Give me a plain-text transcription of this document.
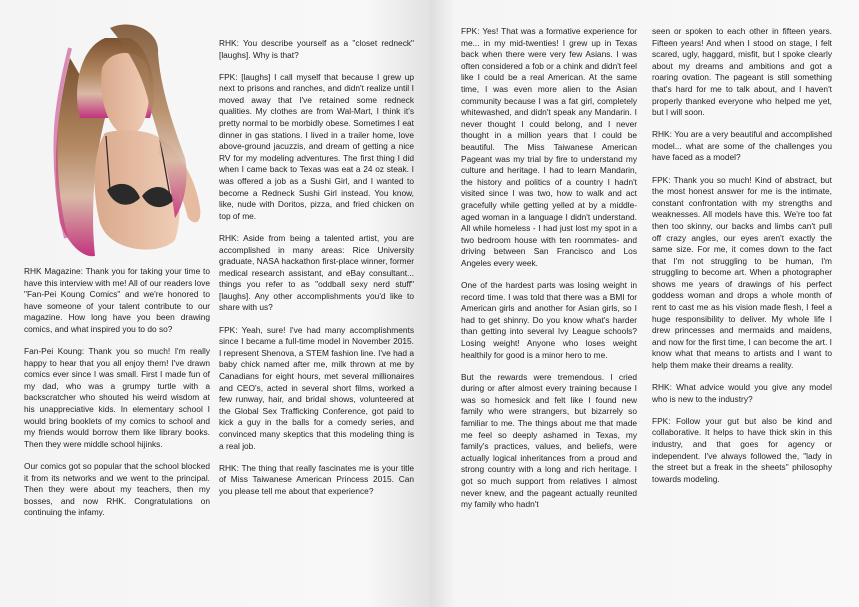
RHK Magazine: Thank you for taking your time to have this interview with me! All of our readers love "Fan-Pei Koung Comics" and we're honored to have someone of your talent contribute to our magazine. How long have you been drawing comics, and what inspired you to do so?

Fan-Pei Koung: Thank you so much! I'm really happy to hear that you all enjoy them! I've drawn comics ever since I was small. First I made fun of my dad, who was a grumpy turtle with a backscratcher who shouted his weird wisdom at his unappreciative kids. In elementary school I would bring booklets of my comics to school and my friends would borrow them like library books. Then they were middle school hijinks.

Our comics got so popular that the school blocked it from its networks and we went to the principal. Then they were about my teachers, then my bosses, and now RHK. Congratulations on continuing the infamy.

RHK: You describe yourself as a "closet redneck" [laughs]. Why is that?

FPK: [laughs] I call myself that because I grew up next to prisons and ranches, and didn't realize until I moved away that I've retained some redneck qualities. My clothes are from Wal-Mart, I think it's pretty normal to be morbidly obese. Sometimes I eat dinner in gas stations. I lived in a trailer home, love above-ground jacuzzis, and dream of getting a nice RV for my modeling adventures. The first thing I did when I came back to Texas was eat a 24 oz steak. I was offered a job as a Sushi Girl, and I wanted to become a Redneck Sushi Girl instead. You know, like, nude with Doritos, pizza, and fried chicken on top of me.

RHK: Aside from being a talented artist, you are accomplished in many areas: Rice University graduate, NASA hackathon first-place winner, former medical research assistant, and eBay consultant... things you refer to as "oddball sexy nerd stuff" [laughs]. Any other accomplishments you'd like to share with us?

FPK: Yeah, sure! I've had many accomplishments since I became a full-time model in November 2015. I represent Shenova, a STEM fashion line. I've had a baby chick named after me, milk thrown at me by Canadians for eight hours, met several millionaires and CEO's, acted in several short films, worked a few runway, hair, and bridal shows, volunteered at the Global Sex Trafficking Conference, got paid to kick a guy in the balls for a comedy series, and convinced many skeptics that this modeling thing is a real job.

RHK: The thing that really fascinates me is your title of Miss Taiwanese American Princess 2015. Can you please tell me about that experience?

FPK: Yes! That was a formative experience for me... in my mid-twenties! I grew up in Texas back when there were very few Asians. I was often considered a fob or a chink and didn't feel like I could be a real American. At the same time, I was even more alien to the Asian community because I was a fat girl, completely whitewashed, and didn't speak any Mandarin. I never thought I could belong, and I never thought in a million years that I could be beautiful. The Miss Taiwanese American Pageant was my trial by fire to understand my culture and heritage. I had to learn Mandarin, the history and politics of a country I hadn't visited since I was two, how to walk and act gracefully while getting yelled at by a middle-aged woman in a language I didn't understand. All while homeless - I had just lost my spot in a two bedroom house with ten roommates- and driving between San Francisco and Los Angeles every week.

One of the hardest parts was losing weight in record time. I was told that there was a BMI for American girls and another for Asian girls, so I had to get shinny. Do you know what's harder than getting into several Ivy League schools? Losing weight! Anyone who loses weight healthily for good is a minor hero to me.

But the rewards were tremendous. I cried during or after almost every training because I was so homesick and felt like I found new family who were strangers, but bizarrely so familiar to me. The things about me that made me feel so deeply ashamed in Texas, my family's practices, values, and beliefs, were actually logical inheritances from a proud and strong country with a long and rich heritage. I got so much support from relatives I almost never knew, and the pageant actually reunited my family who hadn't

seen or spoken to each other in fifteen years. Fifteen years! And when I stood on stage, I felt scared, ugly, haggard, misfit, but I spoke clearly about my dreams and ambitions and got a roaring ovation. The pageant is still something that's hard for me to talk about, and I haven't properly thanked everyone who helped me yet, but I will soon.

RHK: You are a very beautiful and accomplished model... what are some of the challenges you have faced as a model?

FPK: Thank you so much! Kind of abstract, but the most honest answer for me is the intimate, constant confrontation with my strengths and weaknesses. All models have this. We're too fat then too skinny, our backs and limbs can't pull off crazy angles, our eyes aren't exactly the same size. For me, it comes down to the fact that I'm not struggling to be human, I'm struggling to become art. When a photographer shows me years of drawings of his perfect goddess woman and drops a whole month of rent to cast me as his vision made flesh, I feel a huge responsibility to deliver. My whole life I drew princesses and mermaids and maidens, and now for the first time, I can become the art. I know what that means to artists and I want to help them make their dreams a reality.

RHK: What advice would you give any model who is new to the industry?

FPK: Follow your gut but also be kind and collaborative. It helps to have thick skin in this industry, and that goes for agency or independent. I've always followed the, "lady in the street but a freak in the sheets" philosophy towards modeling.
